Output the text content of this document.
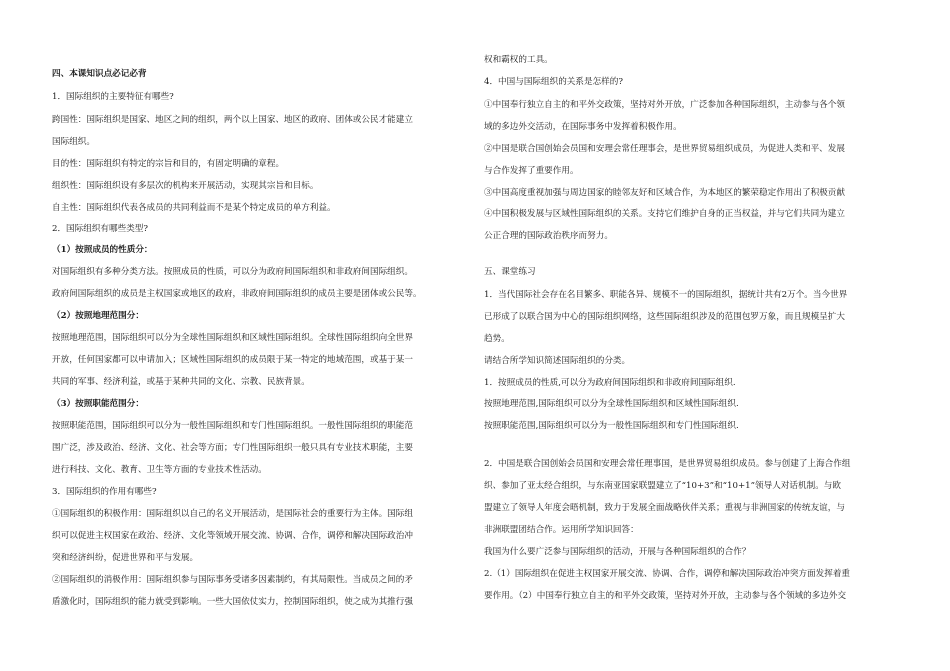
四、本课知识点必记必背
1．国际组织的主要特征有哪些?
跨国性：国际组织是国家、地区之间的组织，两个以上国家、地区的政府、团体或公民才能建立
国际组织。
目的性：国际组织有特定的宗旨和目的，有固定明确的章程。
组织性：国际组织设有多层次的机构来开展活动，实现其宗旨和目标。
自主性：国际组织代表各成员的共同利益而不是某个特定成员的单方利益。
2．国际组织有哪些类型?
（1）按照成员的性质分：
对国际组织有多种分类方法。按照成员的性质，可以分为政府间国际组织和非政府间国际组织。
政府间国际组织的成员是主权国家或地区的政府，非政府间国际组织的成员主要是团体或公民等。
（2）按照地理范围分：
按照地理范围，国际组织可以分为全球性国际组织和区域性国际组织。全球性国际组织向全世界
开放，任何国家都可以申请加入；区域性国际组织的成员限于某一特定的地域范围，或基于某一
共同的军事、经济利益，或基于某种共同的文化、宗教、民族背景。
（3）按照职能范围分：
按照职能范围，国际组织可以分为一般性国际组织和专门性国际组织。一般性国际组织的职能范
围广泛，涉及政治、经济、文化、社会等方面；专门性国际组织一般只具有专业技术职能，主要
进行科技、文化、教育、卫生等方面的专业技术性活动。
3．国际组织的作用有哪些?
①国际组织的积极作用：国际组织以自己的名义开展活动，是国际社会的重要行为主体。国际组
织可以促进主权国家在政治、经济、文化等领域开展交流、协调、合作，调停和解决国际政治冲
突和经济纠纷，促进世界和平与发展。
②国际组织的消极作用：国际组织参与国际事务受诸多因素制约，有其局限性。当成员之间的矛
盾激化时，国际组织的能力就受到影响。一些大国依仗实力，控制国际组织，使之成为其推行强
权和霸权的工具。
4．中国与国际组织的关系是怎样的?
①中国奉行独立自主的和平外交政策，坚持对外开放，广泛参加各种国际组织，主动参与各个领
域的多边外交活动，在国际事务中发挥着积极作用。
②中国是联合国创始会员国和安理会常任理事会，是世界贸易组织成员，为促进人类和平、发展
与合作发挥了重要作用。
③中国高度重视加强与周边国家的睦邻友好和区域合作，为本地区的繁荣稳定作用出了积极贡献
④中国积极发展与区域性国际组织的关系。支持它们维护自身的正当权益，并与它们共同为建立
公正合理的国际政治秩序而努力。
五、课堂练习
1．当代国际社会存在名目繁多、职能各异、规模不一的国际组织，据统计共有2万个。当今世界
已形成了以联合国为中心的国际组织网络，这些国际组织涉及的范围包罗万象，而且规模呈扩大
趋势。
请结合所学知识简述国际组织的分类。
1．按照成员的性质,可以分为政府间国际组织和非政府间国际组织.
按照地理范围,国际组织可以分为全球性国际组织和区域性国际组织.
按照职能范围,国际组织可以分为一般性国际组织和专门性国际组织.
2．中国是联合国创始会员国和安理会常任理事国，是世界贸易组织成员。参与创建了上海合作组
织、参加了亚太经合组织，与东南亚国家联盟建立了“10+3”和“10+1”领导人对话机制。与欧
盟建立了领导人年度会晤机制，致力于发展全面战略伙伴关系；重视与非洲国家的传统友谊，与
非洲联盟团结合作。运用所学知识回答：
我国为什么要广泛参与国际组织的活动，开展与各种国际组织的合作？
2.（1）国际组织在促进主权国家开展交流、协调、合作，调停和解决国际政治冲突方面发挥着重
要作用。（2）中国奉行独立自主的和平外交政策，坚持对外开放，主动参与各个领域的多边外交
